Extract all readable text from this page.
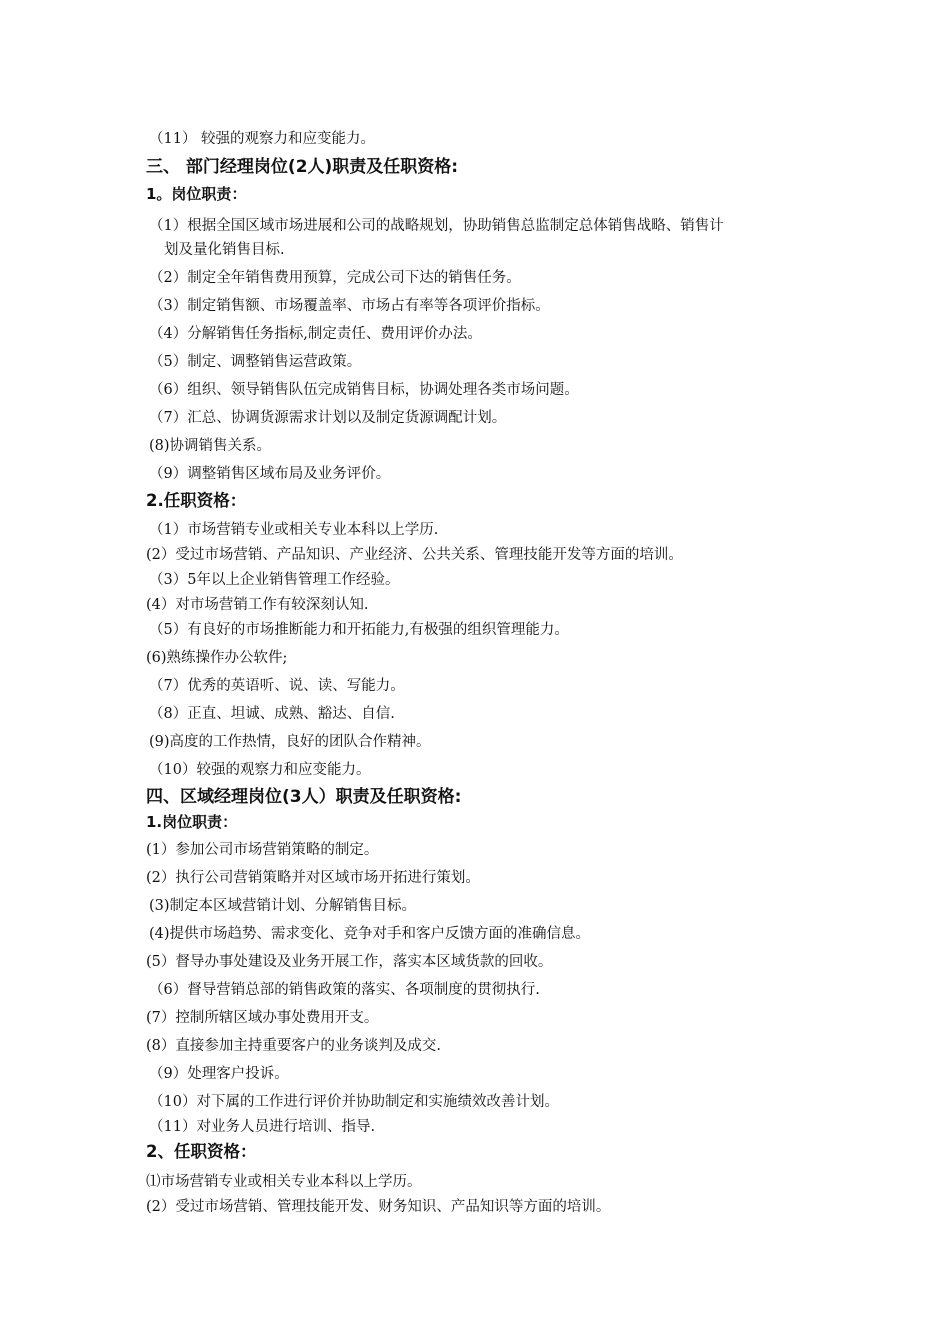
（11） 较强的观察力和应变能力。
三、 部门经理岗位(2人)职责及任职资格:
1。岗位职责：
（1）根据全国区域市场进展和公司的战略规划，协助销售总监制定总体销售战略、销售计
划及量化销售目标.
（2）制定全年销售费用预算，完成公司下达的销售任务。
（3）制定销售额、市场覆盖率、市场占有率等各项评价指标。
（4）分解销售任务指标,制定责任、费用评价办法。
（5）制定、调整销售运营政策。
（6）组织、领导销售队伍完成销售目标，协调处理各类市场问题。
（7）汇总、协调货源需求计划以及制定货源调配计划。
(8)协调销售关系。
（9）调整销售区域布局及业务评价。
2.任职资格：
（1）市场营销专业或相关专业本科以上学历.
(2）受过市场营销、产品知识、产业经济、公共关系、管理技能开发等方面的培训。
（3）5年以上企业销售管理工作经验。
(4）对市场营销工作有较深刻认知.
（5）有良好的市场推断能力和开拓能力,有极强的组织管理能力。
(6)熟练操作办公软件;
（7）优秀的英语听、说、读、写能力。
（8）正直、坦诚、成熟、豁达、自信.
(9)高度的工作热情，良好的团队合作精神。
（10）较强的观察力和应变能力。
四、区域经理岗位(3人）职责及任职资格:
1.岗位职责：
(1）参加公司市场营销策略的制定。
(2）执行公司营销策略并对区域市场开拓进行策划。
(3)制定本区域营销计划、分解销售目标。
(4)提供市场趋势、需求变化、竞争对手和客户反馈方面的准确信息。
(5）督导办事处建设及业务开展工作，落实本区域货款的回收。
（6）督导营销总部的销售政策的落实、各项制度的贯彻执行.
(7）控制所辖区域办事处费用开支。
(8）直接参加主持重要客户的业务谈判及成交.
（9）处理客户投诉。
（10）对下属的工作进行评价并协助制定和实施绩效改善计划。
（11）对业务人员进行培训、指导.
2、任职资格：
⑴市场营销专业或相关专业本科以上学历。
(2）受过市场营销、管理技能开发、财务知识、产品知识等方面的培训。
